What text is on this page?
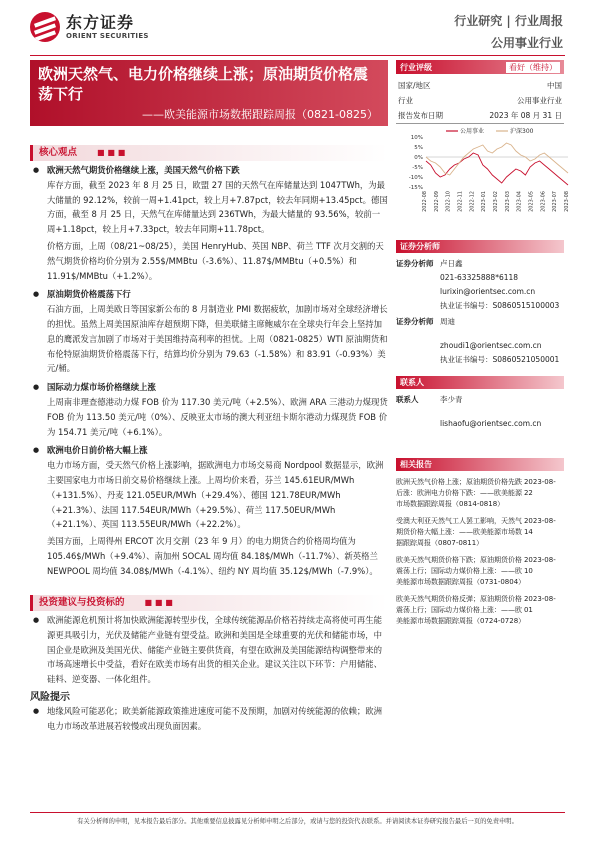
东方证券
ORIENT SECURITIES
行业研究 | 行业周报
公用事业行业
欧洲天然气、电力价格继续上涨；原油期货价格震荡下行
——欧美能源市场数据跟踪周报（0821-0825）
行业评级	看好（维持）
国家/地区	中国
行业	公用事业行业
报告发布日期	2023 年 08 月 31 日
公用事业	沪深300
10%
5%
0%
-5%
-10%
-15%
2022-08 2022-09 2022-10 2022-11 2022-12 2023-01 2023-02 2023-03 2023-04 2023-05 2023-06 2023-07 2023-08
证券分析师
证券分析师 卢日鑫
021-63325888*6118
lurixin@orientsec.com.cn
执业证书编号：S0860515100003
证券分析师 周迪
zhoudi1@orientsec.com.cn
执业证书编号：S0860521050001
联系人
联系人	李少青
lishaofu@orientsec.com.cn
相关报告
欧洲天然气价格上涨；原油期货价格先跌后涨：欧洲电力价格下跌：——欧美能源市场数据跟踪周报（0814-0818）
2023-08-22
受澳大利亚天然气工人罢工影响，天然气期货价格大幅上涨：——欧美能源市场数据跟踪周报（0807-0811）
2023-08-14
欧美天然气期货价格下跌；原油期货价格震荡上行；国际动力煤价格上涨：——欧美能源市场数据跟踪周报（0731-0804）
2023-08-10
欧美天然气期货价格反弹；原油期货价格震荡上行；国际动力煤价格上涨：——欧美能源市场数据跟踪周报（0724-0728）
2023-08-01
核心观点	■ ■ ■
● 欧洲天然气期货价格继续上涨，美国天然气价格下跌
库存方面，截至 2023 年 8 月 25 日，欧盟 27 国的天然气在库储量达到 1047TWh，为最大储量的 92.12%，较前一周+1.41pct，较上月+7.87pct，较去年同期+13.45pct。德国方面，截至 8 月 25 日，天然气在库储量达到 236TWh，为最大储量的 93.56%，较前一周+1.18pct，较上月+7.33pct，较去年同期+11.78pct。
价格方面，上周（08/21~08/25），美国 HenryHub、英国 NBP、荷兰 TTF 次月交割的天然气期货价格均价分别为 2.55$/MMBtu（-3.6%）、11.87$/MMBtu（+0.5%）和 11.91$/MMBtu（+1.2%）。
● 原油期货价格震荡下行
石油方面，上周美欧日等国家新公布的 8 月制造业 PMI 数据疲软，加剧市场对全球经济增长的担忧。虽然上周美国原油库存超预期下降，但美联储主席鲍威尔在全球央行年会上坚持加息的鹰派发言加剧了市场对于美国维持高利率的担忧。上周（0821-0825）WTI 原油期货和布伦特原油期货价格震荡下行，结算均价分别为 79.63（-1.58%）和 83.91（-0.93%）美元/桶。
● 国际动力煤市场价格继续上涨
上周南非理查德港动力煤 FOB 价为 117.30 美元/吨（+2.5%）、欧洲 ARA 三港动力煤现货 FOB 价为 113.50 美元/吨（0%）、反映亚太市场的澳大利亚纽卡斯尔港动力煤现货 FOB 价为 154.71 美元/吨（+6.1%）。
● 欧洲电价日前价格大幅上涨
电力市场方面，受天然气价格上涨影响，据欧洲电力市场交易商 Nordpool 数据显示，欧洲主要国家电力市场日前交易价格继续上涨。上周均价来看，芬兰 145.61EUR/MWh（+131.5%）、丹麦 121.05EUR/MWh（+29.4%）、德国 121.78EUR/MWh（+21.3%）、法国 117.54EUR/MWh（+29.5%）、荷兰 117.50EUR/MWh（+21.1%）、英国 113.55EUR/MWh（+22.2%）。
美国方面，上周得州 ERCOT 次月交割（23 年 9 月）的电力期货合约价格周均值为 105.46$/MWh（+9.4%）、南加州 SOCAL 周均值 84.18$/MWh（-11.7%）、新英格兰 NEWPOOL 周均值 34.08$/MWh（-4.1%）、纽约 NY 周均值 35.12$/MWh（-7.9%）。
投资建议与投资标的	■ ■ ■
● 欧洲能源危机预计将加快欧洲能源转型步伐，全球传统能源品价格若持续走高将使可再生能源更具吸引力，光伏及储能产业链有望受益。欧洲和美国是全球重要的光伏和储能市场，中国企业是欧洲及美国光伏、储能产业链主要供货商，有望在欧洲及美国能源结构调整带来的市场高速增长中受益，看好在欧美市场有出货的相关企业。建议关注以下环节：户用储能、硅料、逆变器、一体化组件。
风险提示
● 地缘风险可能恶化；欧美新能源政策推进速度可能不及预期，加剧对传统能源的依赖；欧洲电力市场改革进展若较慢或出现负面因素。
有关分析师的申明，见本报告最后部分。其他重要信息披露见分析师申明之后部分，或请与您的投资代表联系。并请阅读本证券研究报告最后一页的免责申明。
